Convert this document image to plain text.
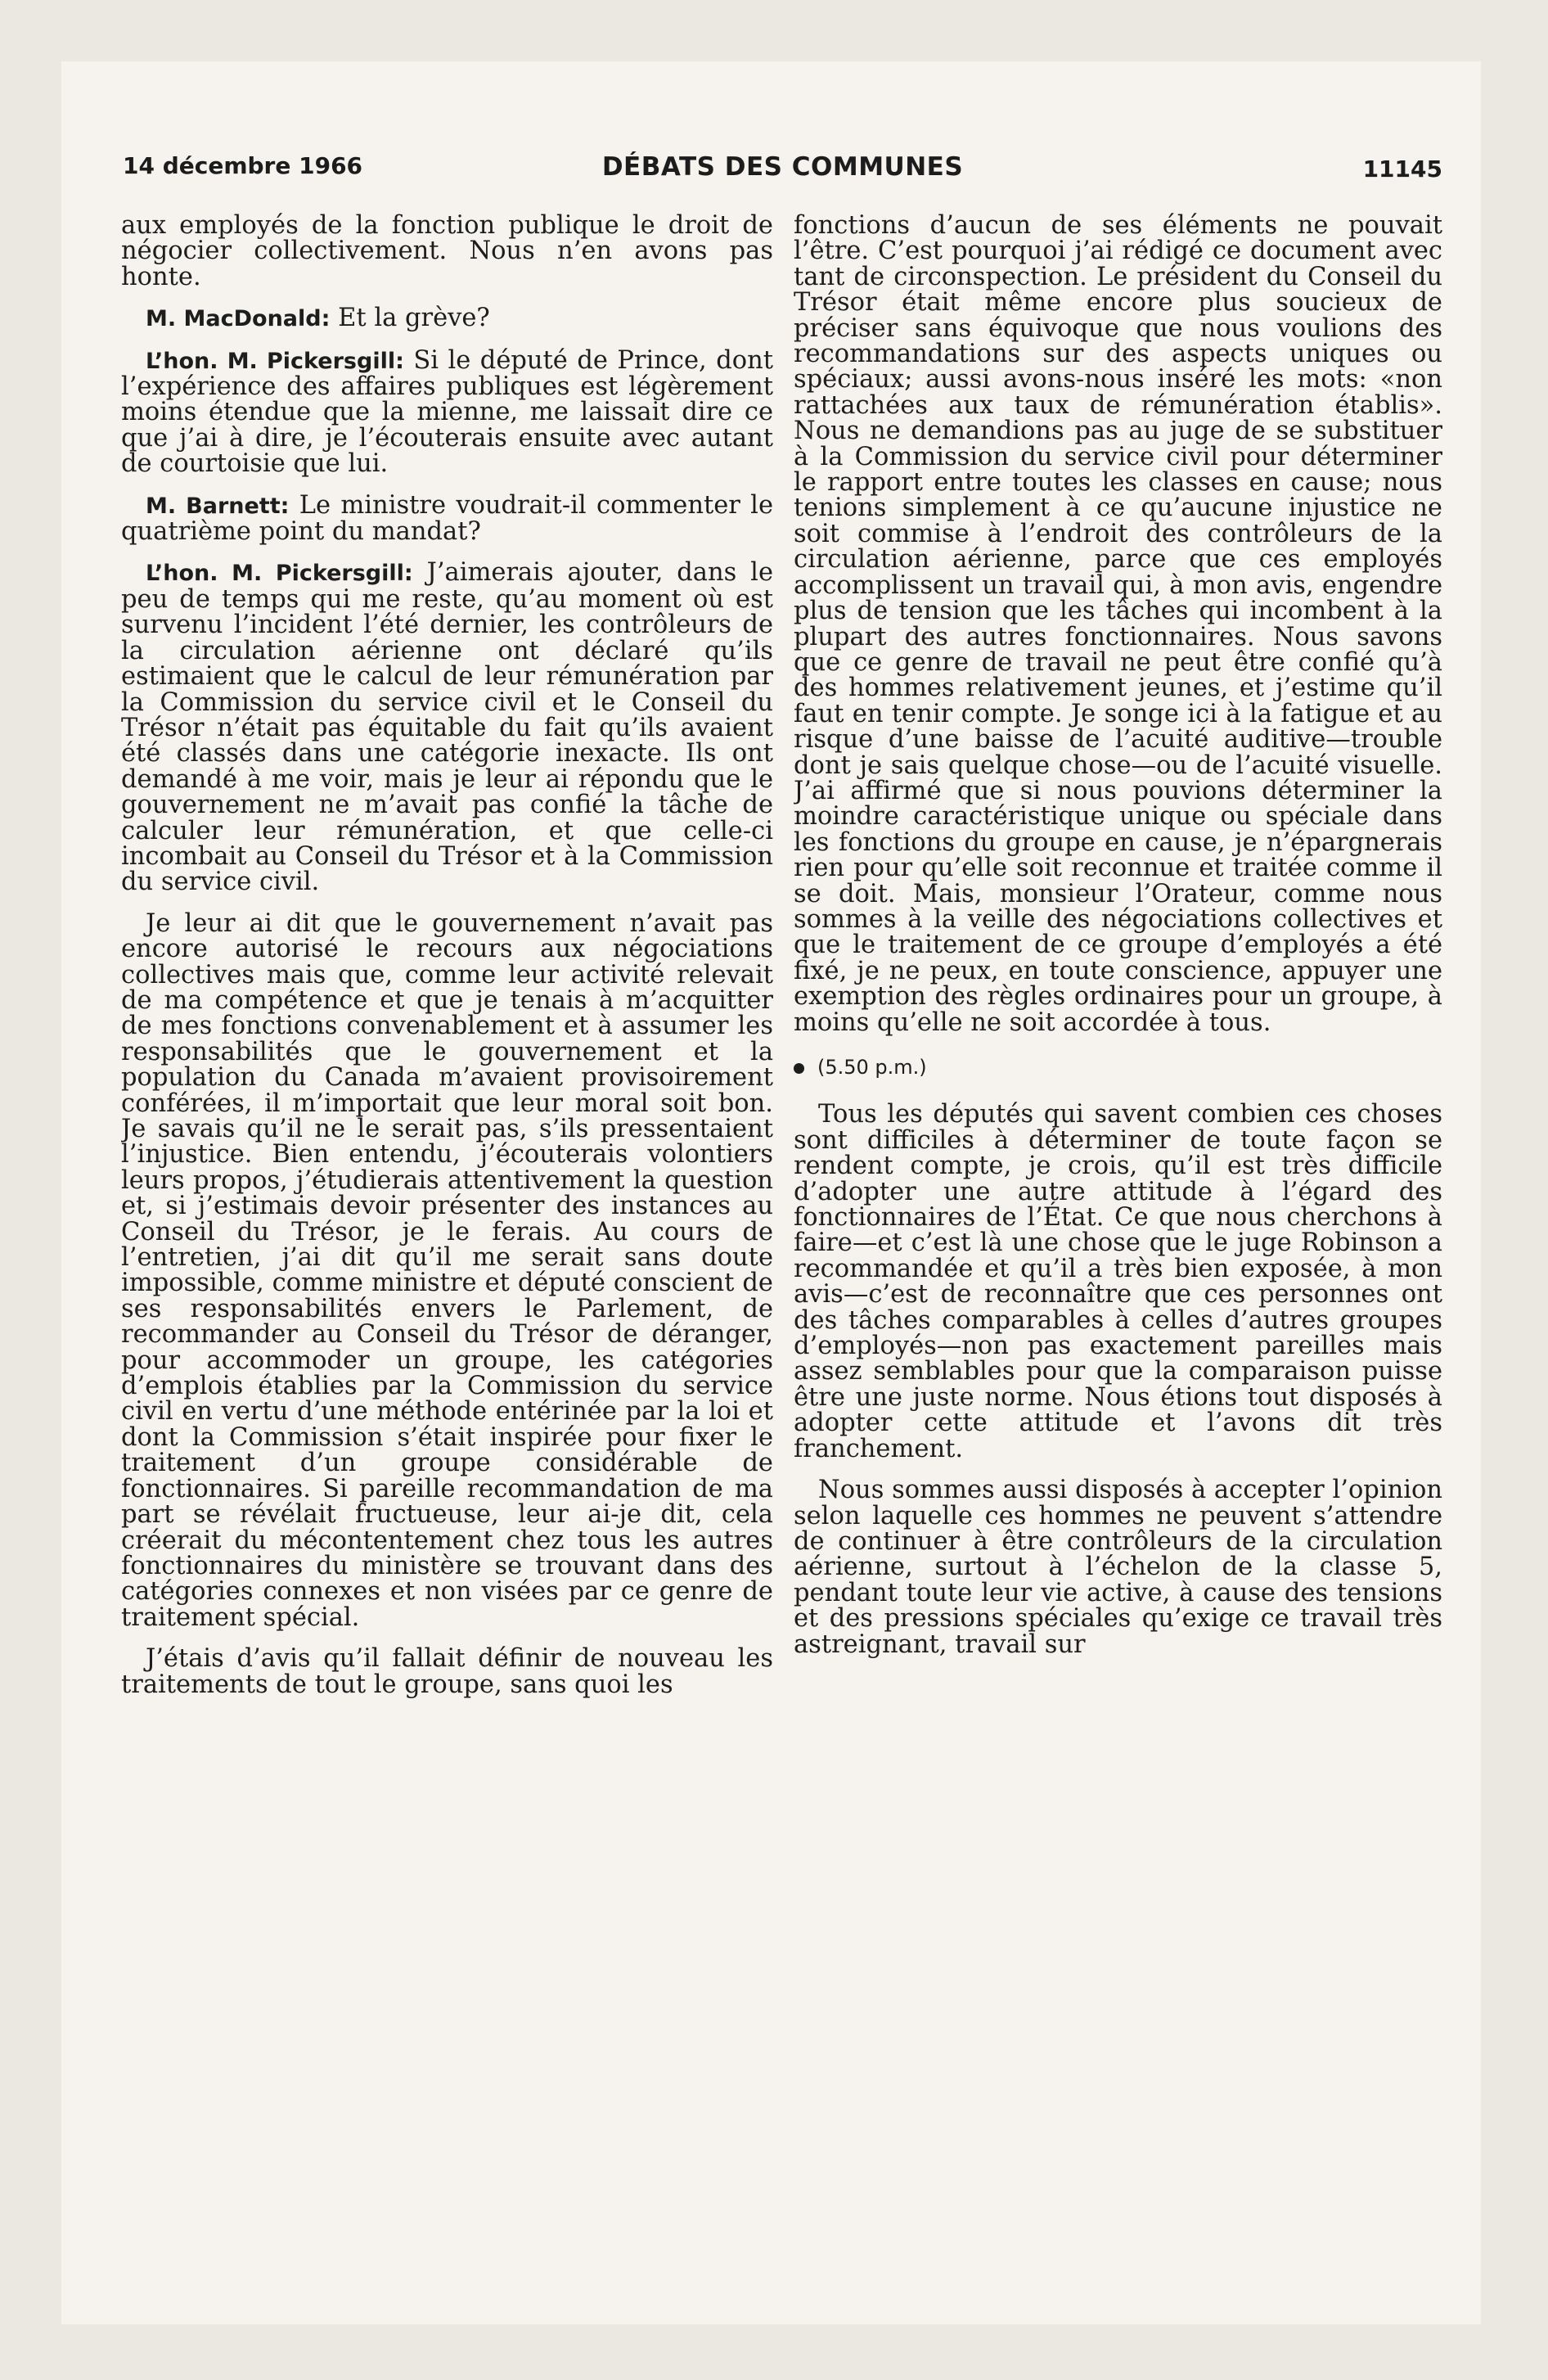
14 décembre 1966	DÉBATS DES COMMUNES	11145

aux employés de la fonction publique le droit de négocier collectivement. Nous n’en avons pas honte.

M. MacDonald: Et la grève?

L’hon. M. Pickersgill: Si le député de Prince, dont l’expérience des affaires publiques est légèrement moins étendue que la mienne, me laissait dire ce que j’ai à dire, je l’écouterais ensuite avec autant de courtoisie que lui.

M. Barnett: Le ministre voudrait-il commenter le quatrième point du mandat?

L’hon. M. Pickersgill: J’aimerais ajouter, dans le peu de temps qui me reste, qu’au moment où est survenu l’incident l’été dernier, les contrôleurs de la circulation aérienne ont déclaré qu’ils estimaient que le calcul de leur rémunération par la Commission du service civil et le Conseil du Trésor n’était pas équitable du fait qu’ils avaient été classés dans une catégorie inexacte. Ils ont demandé à me voir, mais je leur ai répondu que le gouvernement ne m’avait pas confié la tâche de calculer leur rémunération, et que celle-ci incombait au Conseil du Trésor et à la Commission du service civil.

Je leur ai dit que le gouvernement n’avait pas encore autorisé le recours aux négociations collectives mais que, comme leur activité relevait de ma compétence et que je tenais à m’acquitter de mes fonctions convenablement et à assumer les responsabilités que le gouvernement et la population du Canada m’avaient provisoirement conférées, il m’importait que leur moral soit bon. Je savais qu’il ne le serait pas, s’ils pressentaient l’injustice. Bien entendu, j’écouterais volontiers leurs propos, j’étudierais attentivement la question et, si j’estimais devoir présenter des instances au Conseil du Trésor, je le ferais. Au cours de l’entretien, j’ai dit qu’il me serait sans doute impossible, comme ministre et député conscient de ses responsabilités envers le Parlement, de recommander au Conseil du Trésor de déranger, pour accommoder un groupe, les catégories d’emplois établies par la Commission du service civil en vertu d’une méthode entérinée par la loi et dont la Commission s’était inspirée pour fixer le traitement d’un groupe considérable de fonctionnaires. Si pareille recommandation de ma part se révélait fructueuse, leur ai-je dit, cela créerait du mécontentement chez tous les autres fonctionnaires du ministère se trouvant dans des catégories connexes et non visées par ce genre de traitement spécial.

J’étais d’avis qu’il fallait définir de nouveau les traitements de tout le groupe, sans quoi les

fonctions d’aucun de ses éléments ne pouvait l’être. C’est pourquoi j’ai rédigé ce document avec tant de circonspection. Le président du Conseil du Trésor était même encore plus soucieux de préciser sans équivoque que nous voulions des recommandations sur des aspects uniques ou spéciaux; aussi avons-nous inséré les mots: «non rattachées aux taux de rémunération établis». Nous ne demandions pas au juge de se substituer à la Commission du service civil pour déterminer le rapport entre toutes les classes en cause; nous tenions simplement à ce qu’aucune injustice ne soit commise à l’endroit des contrôleurs de la circulation aérienne, parce que ces employés accomplissent un travail qui, à mon avis, engendre plus de tension que les tâches qui incombent à la plupart des autres fonctionnaires. Nous savons que ce genre de travail ne peut être confié qu’à des hommes relativement jeunes, et j’estime qu’il faut en tenir compte. Je songe ici à la fatigue et au risque d’une baisse de l’acuité auditive—trouble dont je sais quelque chose—ou de l’acuité visuelle. J’ai affirmé que si nous pouvions déterminer la moindre caractéristique unique ou spéciale dans les fonctions du groupe en cause, je n’épargnerais rien pour qu’elle soit reconnue et traitée comme il se doit. Mais, monsieur l’Orateur, comme nous sommes à la veille des négociations collectives et que le traitement de ce groupe d’employés a été fixé, je ne peux, en toute conscience, appuyer une exemption des règles ordinaires pour un groupe, à moins qu’elle ne soit accordée à tous.

(5.50 p.m.)

Tous les députés qui savent combien ces choses sont difficiles à déterminer de toute façon se rendent compte, je crois, qu’il est très difficile d’adopter une autre attitude à l’égard des fonctionnaires de l’État. Ce que nous cherchons à faire—et c’est là une chose que le juge Robinson a recommandée et qu’il a très bien exposée, à mon avis—c’est de reconnaître que ces personnes ont des tâches comparables à celles d’autres groupes d’employés—non pas exactement pareilles mais assez semblables pour que la comparaison puisse être une juste norme. Nous étions tout disposés à adopter cette attitude et l’avons dit très franchement.

Nous sommes aussi disposés à accepter l’opinion selon laquelle ces hommes ne peuvent s’attendre de continuer à être contrôleurs de la circulation aérienne, surtout à l’échelon de la classe 5, pendant toute leur vie active, à cause des tensions et des pressions spéciales qu’exige ce travail très astreignant, travail sur
